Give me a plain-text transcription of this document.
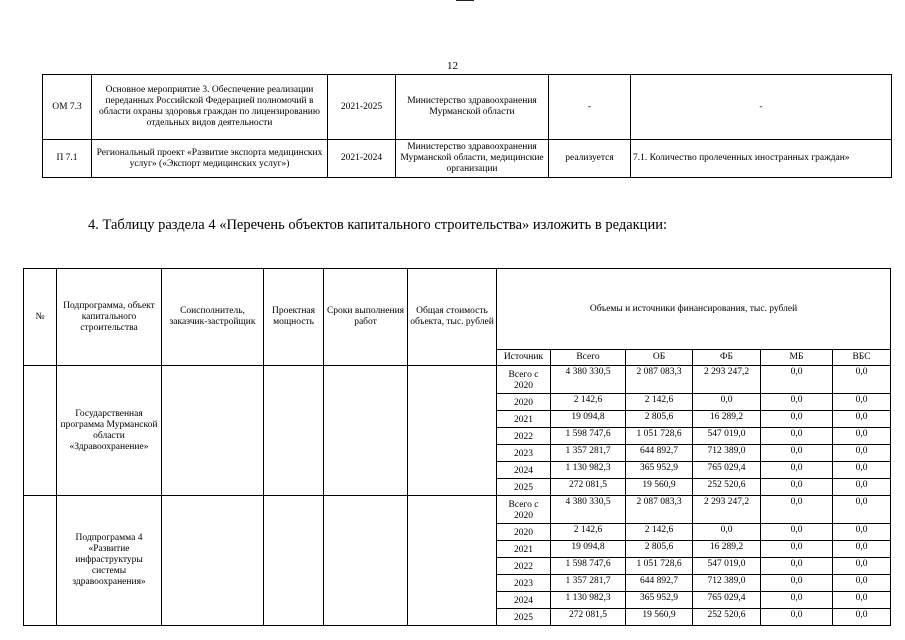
12
ОМ 7.3	Основное мероприятие 3. Обеспечение реализации переданных Российской Федерацией полномочий в области охраны здоровья граждан по лицензированию отдельных видов деятельности	2021-2025	Министерство здравоохранения Мурманской области	-	-
П 7.1	Региональный проект «Развитие экспорта медицинских услуг» («Экспорт медицинских услуг»)	2021-2024	Министерство здравоохранения Мурманской области, медицинские организации	реализуется	7.1. Количество пролеченных иностранных граждан»
4. Таблицу раздела 4 «Перечень объектов капитального строительства» изложить в редакции:
№	Подпрограмма, объект капитального строительства	Соисполнитель, заказчик-застройщик	Проектная мощность	Сроки выполнения работ	Общая стоимость объекта, тыс. рублей	Объемы и источники финансирования, тыс. рублей					
						Источник	Всего	ОБ	ФБ	МБ	ВБС
	Государственная программа Мурманской области «Здравоохранение»					Всего с 2020	4 380 330,5	2 087 083,3	2 293 247,2	0,0	0,0
						2020	2 142,6	2 142,6	0,0	0,0	0,0
						2021	19 094,8	2 805,6	16 289,2	0,0	0,0
						2022	1 598 747,6	1 051 728,6	547 019,0	0,0	0,0
						2023	1 357 281,7	644 892,7	712 389,0	0,0	0,0
						2024	1 130 982,3	365 952,9	765 029,4	0,0	0,0
						2025	272 081,5	19 560,9	252 520,6	0,0	0,0
	Подпрограмма 4 «Развитие инфраструктуры системы здравоохранения»					Всего с 2020	4 380 330,5	2 087 083,3	2 293 247,2	0,0	0,0
						2020	2 142,6	2 142,6	0,0	0,0	0,0
						2021	19 094,8	2 805,6	16 289,2	0,0	0,0
						2022	1 598 747,6	1 051 728,6	547 019,0	0,0	0,0
						2023	1 357 281,7	644 892,7	712 389,0	0,0	0,0
						2024	1 130 982,3	365 952,9	765 029,4	0,0	0,0
						2025	272 081,5	19 560,9	252 520,6	0,0	0,0
